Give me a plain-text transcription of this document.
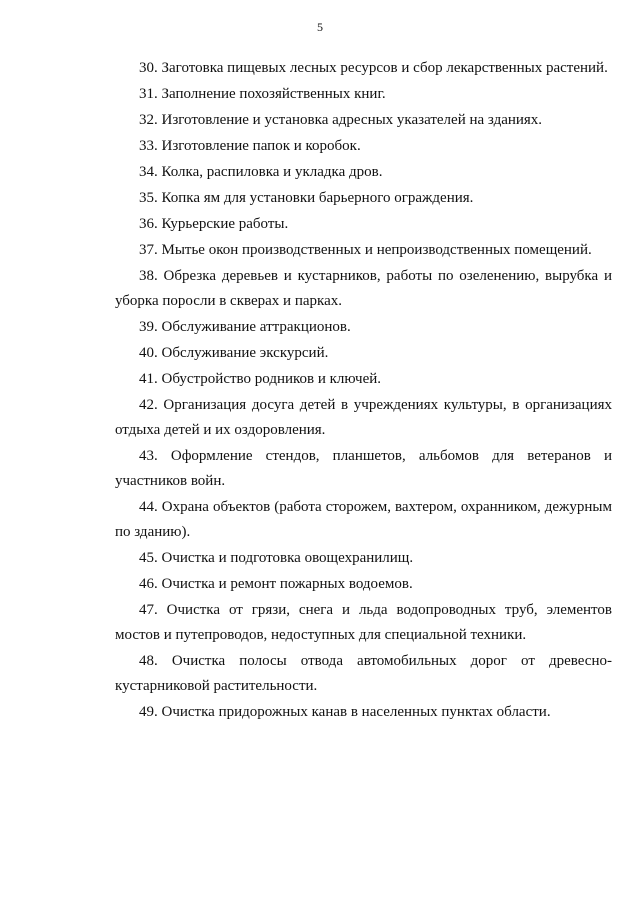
5

30. Заготовка пищевых лесных ресурсов и сбор лекарственных растений.

31. Заполнение похозяйственных книг.

32. Изготовление и установка адресных указателей на зданиях.

33. Изготовление папок и коробок.

34. Колка, распиловка и укладка дров.

35. Копка ям для установки барьерного ограждения.

36. Курьерские работы.

37. Мытье окон производственных и непроизводственных помещений.

38. Обрезка деревьев и кустарников, работы по озеленению, вырубка и уборка поросли в скверах и парках.

39. Обслуживание аттракционов.

40. Обслуживание экскурсий.

41. Обустройство родников и ключей.

42. Организация досуга детей в учреждениях культуры, в организациях отдыха детей и их оздоровления.

43. Оформление стендов, планшетов, альбомов для ветеранов и участников войн.

44. Охрана объектов (работа сторожем, вахтером, охранником, дежурным по зданию).

45. Очистка и подготовка овощехранилищ.

46. Очистка и ремонт пожарных водоемов.

47. Очистка от грязи, снега и льда водопроводных труб, элементов мостов и путепроводов, недоступных для специальной техники.

48. Очистка полосы отвода автомобильных дорог от древесно-кустарниковой растительности.

49. Очистка придорожных канав в населенных пунктах области.
